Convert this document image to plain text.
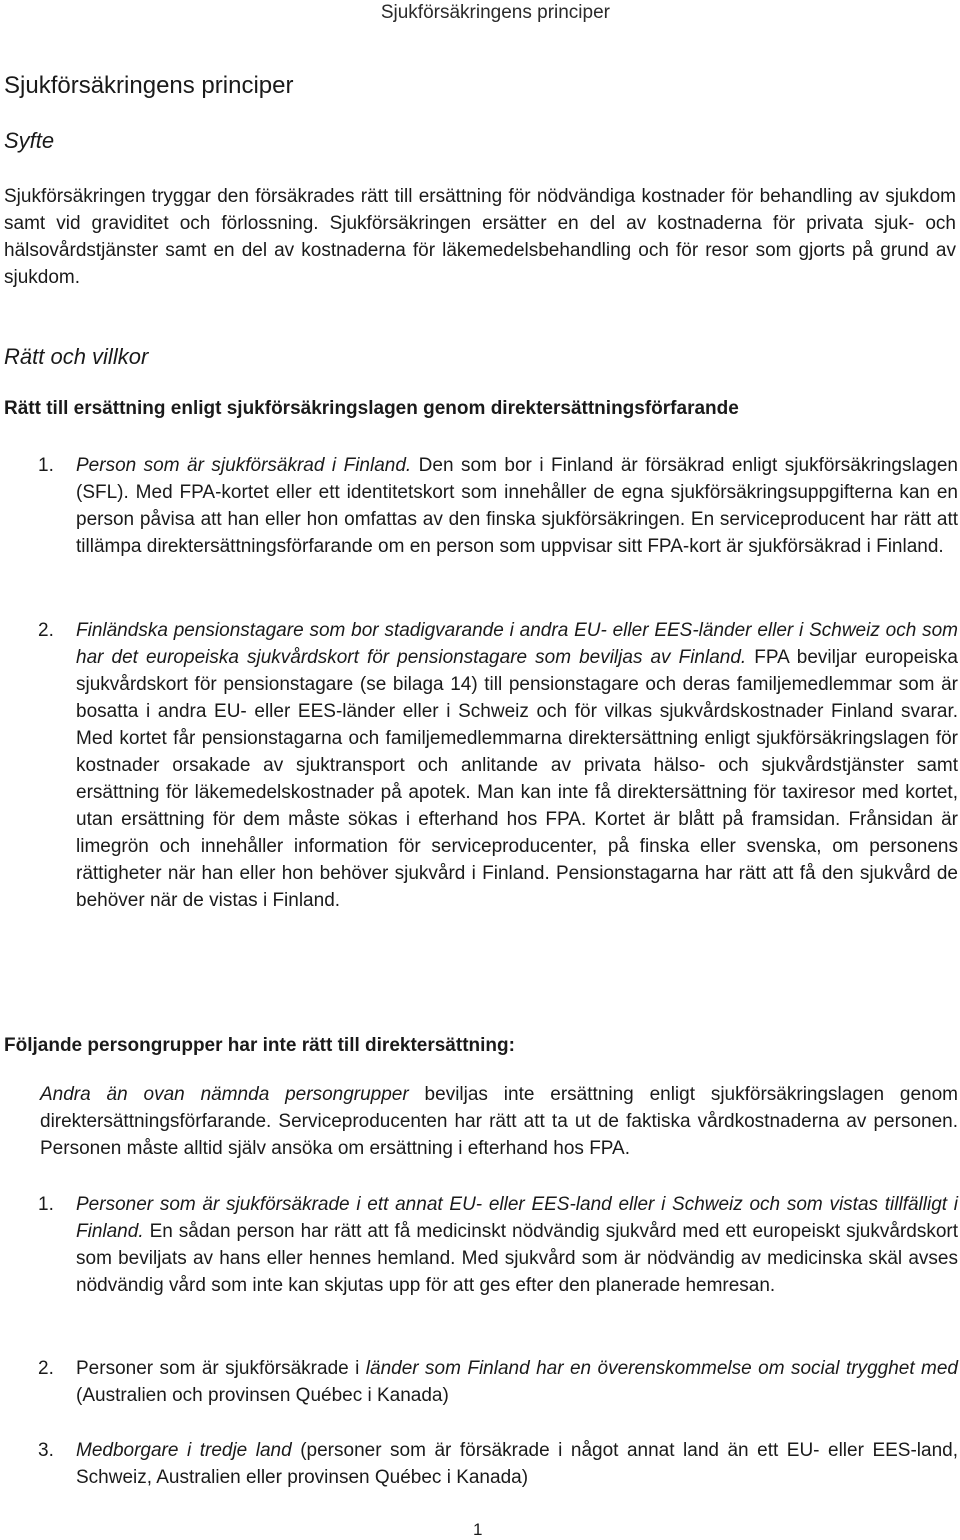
Sjukförsäkringens principer
Sjukförsäkringens principer
Syfte

Sjukförsäkringen tryggar den försäkrades rätt till ersättning för nödvändiga kostnader för behandling av sjukdom samt vid graviditet och förlossning. Sjukförsäkringen ersätter en del av kostnaderna för privata sjuk- och hälsovårdstjänster samt en del av kostnaderna för läkemedelsbehandling och för resor som gjorts på grund av sjukdom.

Rätt och villkor
Rätt till ersättning enligt sjukförsäkringslagen genom direktersättningsförfarande
1. Person som är sjukförsäkrad i Finland. Den som bor i Finland är försäkrad enligt sjukförsäkringslagen (SFL). Med FPA-kortet eller ett identitetskort som innehåller de egna sjukförsäkringsuppgifterna kan en person påvisa att han eller hon omfattas av den finska sjukförsäkringen. En serviceproducent har rätt att tillämpa direktersättningsförfarande om en person som uppvisar sitt FPA-kort är sjukförsäkrad i Finland.

2. Finländska pensionstagare som bor stadigvarande i andra EU- eller EES-länder eller i Schweiz och som har det europeiska sjukvårdskort för pensionstagare som beviljas av Finland. FPA beviljar europeiska sjukvårdskort för pensionstagare (se bilaga 14) till pensionstagare och deras familjemedlemmar som är bosatta i andra EU- eller EES-länder eller i Schweiz och för vilkas sjukvårdskostnader Finland svarar. Med kortet får pensionstagarna och familjemedlemmarna direktersättning enligt sjukförsäkringslagen för kostnader orsakade av sjuktransport och anlitande av privata hälso- och sjukvårdstjänster samt ersättning för läkemedelskostnader på apotek. Man kan inte få direktersättning för taxiresor med kortet, utan ersättning för dem måste sökas i efterhand hos FPA. Kortet är blått på framsidan. Frånsidan är limegrön och innehåller information för serviceproducenter, på finska eller svenska, om personens rättigheter när han eller hon behöver sjukvård i Finland. Pensionstagarna har rätt att få den sjukvård de behöver när de vistas i Finland.

Följande persongrupper har inte rätt till direktersättning:

Andra än ovan nämnda persongrupper beviljas inte ersättning enligt sjukförsäkringslagen genom direktersättningsförfarande. Serviceproducenten har rätt att ta ut de faktiska vårdkostnaderna av personen. Personen måste alltid själv ansöka om ersättning i efterhand hos FPA.

1. Personer som är sjukförsäkrade i ett annat EU- eller EES-land eller i Schweiz och som vistas tillfälligt i Finland. En sådan person har rätt att få medicinskt nödvändig sjukvård med ett europeiskt sjukvårdskort som beviljats av hans eller hennes hemland. Med sjukvård som är nödvändig av medicinska skäl avses nödvändig vård som inte kan skjutas upp för att ges efter den planerade hemresan.

2. Personer som är sjukförsäkrade i länder som Finland har en överenskommelse om social trygghet med (Australien och provinsen Québec i Kanada)

3. Medborgare i tredje land (personer som är försäkrade i något annat land än ett EU- eller EES-land, Schweiz, Australien eller provinsen Québec i Kanada)

1
